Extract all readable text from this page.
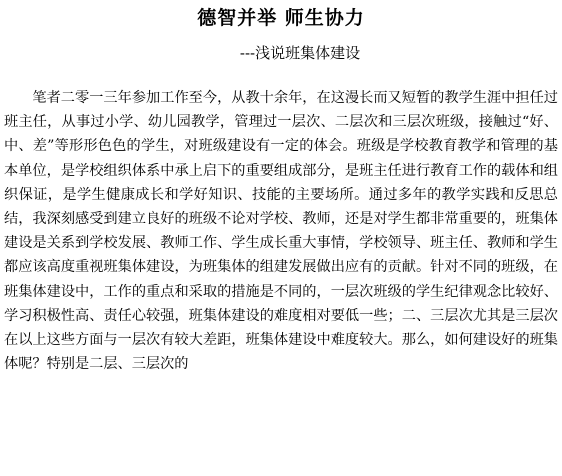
德智并举 师生协力
---浅说班集体建设

笔者二零一三年参加工作至今，从教十余年，在这漫长而又短暂的教学生涯中担任过班主任，从事过小学、幼儿园教学，管理过一层次、二层次和三层次班级，接触过“好、中、差”等形形色色的学生，对班级建设有一定的体会。班级是学校教育教学和管理的基本单位，是学校组织体系中承上启下的重要组成部分，是班主任进行教育工作的载体和组织保证，是学生健康成长和学好知识、技能的主要场所。通过多年的教学实践和反思总结，我深刻感受到建立良好的班级不论对学校、教师，还是对学生都非常重要的，班集体建设是关系到学校发展、教师工作、学生成长重大事情，学校领导、班主任、教师和学生都应该高度重视班集体建设，为班集体的组建发展做出应有的贡献。针对不同的班级，在班集体建设中，工作的重点和采取的措施是不同的，一层次班级的学生纪律观念比较好、学习积极性高、责任心较强，班集体建设的难度相对要低一些；二、三层次尤其是三层次在以上这些方面与一层次有较大差距，班集体建设中难度较大。那么，如何建设好的班集体呢？特别是二层、三层次的
